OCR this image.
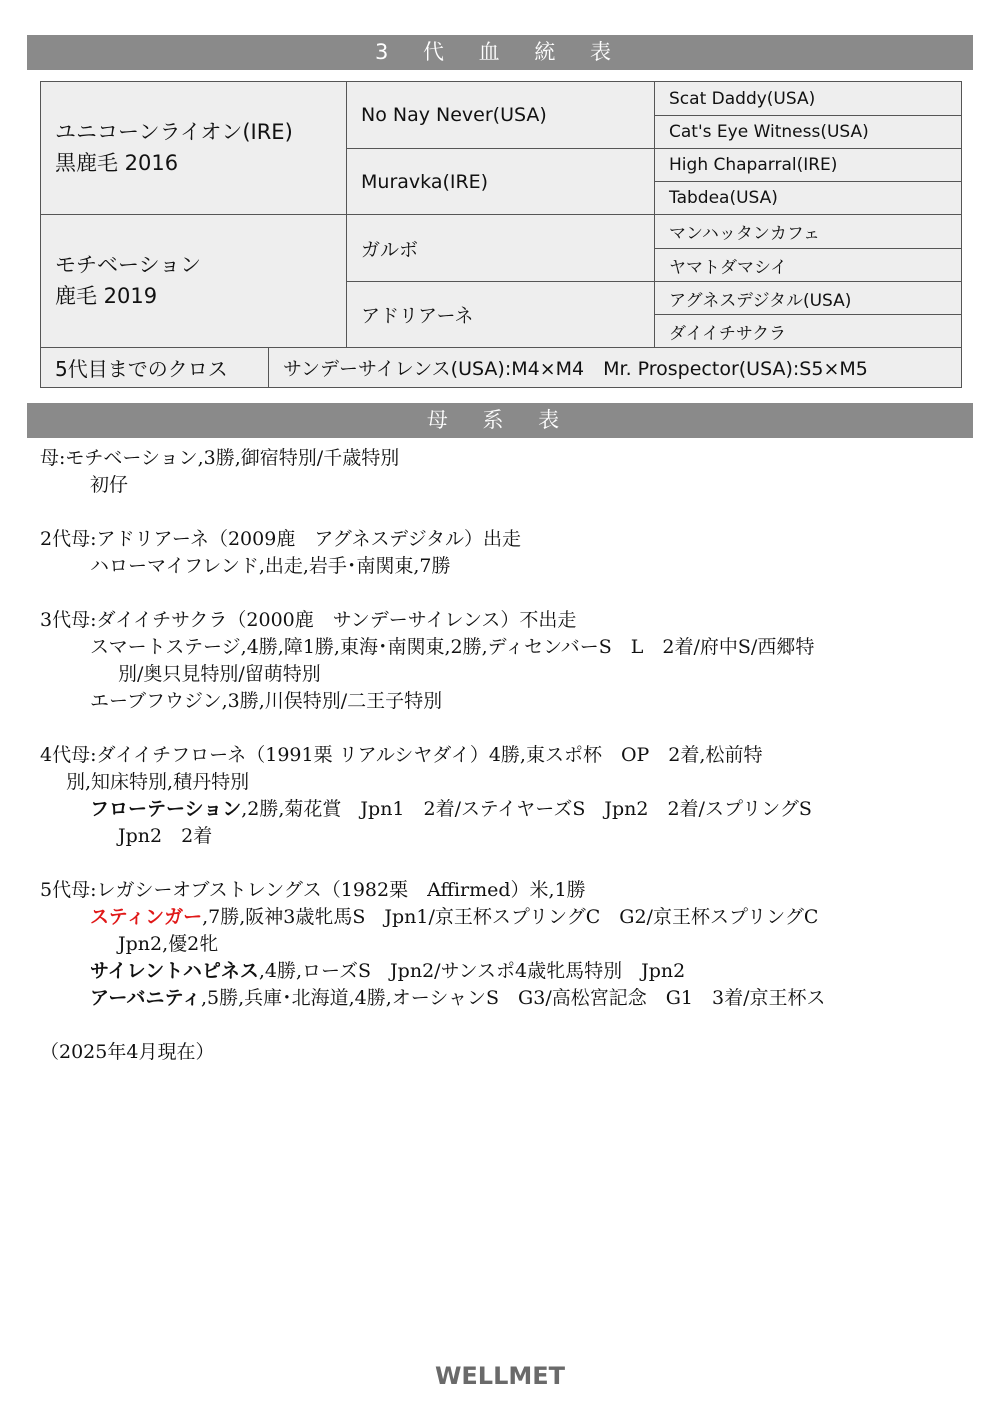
3 代 血 統 表
ユニコーンライオン(IRE)
黒鹿毛 2016		No Nay Never(USA)	Scat Daddy(USA)
			Cat's Eye Witness(USA)
		Muravka(IRE)	High Chaparral(IRE)
			Tabdea(USA)

モチベーション
鹿毛 2019		ガルボ	マンハッタンカフェ
			ヤマトダマシイ
		アドリアーネ	アグネスデジタル(USA)
			ダイイチサクラ
5代目までのクロス	サンデーサイレンス(USA):M4×M4　Mr. Prospector(USA):S5×M5		
母 系 表

母:モチベーション,3勝,御宿特別/千歳特別

初仔

2代母:アドリアーネ（2009鹿　アグネスデジタル）出走

ハローマイフレンド,出走,岩手･南関東,7勝

3代母:ダイイチサクラ（2000鹿　サンデーサイレンス）不出走

スマートステージ,4勝,障1勝,東海･南関東,2勝,ディセンバーS　L　2着/府中S/西郷特

別/奥只見特別/留萌特別

エーブフウジン,3勝,川俣特別/二王子特別

4代母:ダイイチフローネ（1991栗 リアルシヤダイ）4勝,東スポ杯　OP　2着,松前特

別,知床特別,積丹特別

フローテーション,2勝,菊花賞　Jpn1　2着/ステイヤーズS　Jpn2　2着/スプリングS

Jpn2　2着

5代母:レガシーオブストレングス（1982栗　Affirmed）米,1勝

スティンガー,7勝,阪神3歳牝馬S　Jpn1/京王杯スプリングC　G2/京王杯スプリングC

Jpn2,優2牝

サイレントハピネス,4勝,ローズS　Jpn2/サンスポ4歳牝馬特別　Jpn2

アーバニティ,5勝,兵庫･北海道,4勝,オーシャンS　G3/高松宮記念　G1　3着/京王杯ス

（2025年4月現在）

WELLMET
